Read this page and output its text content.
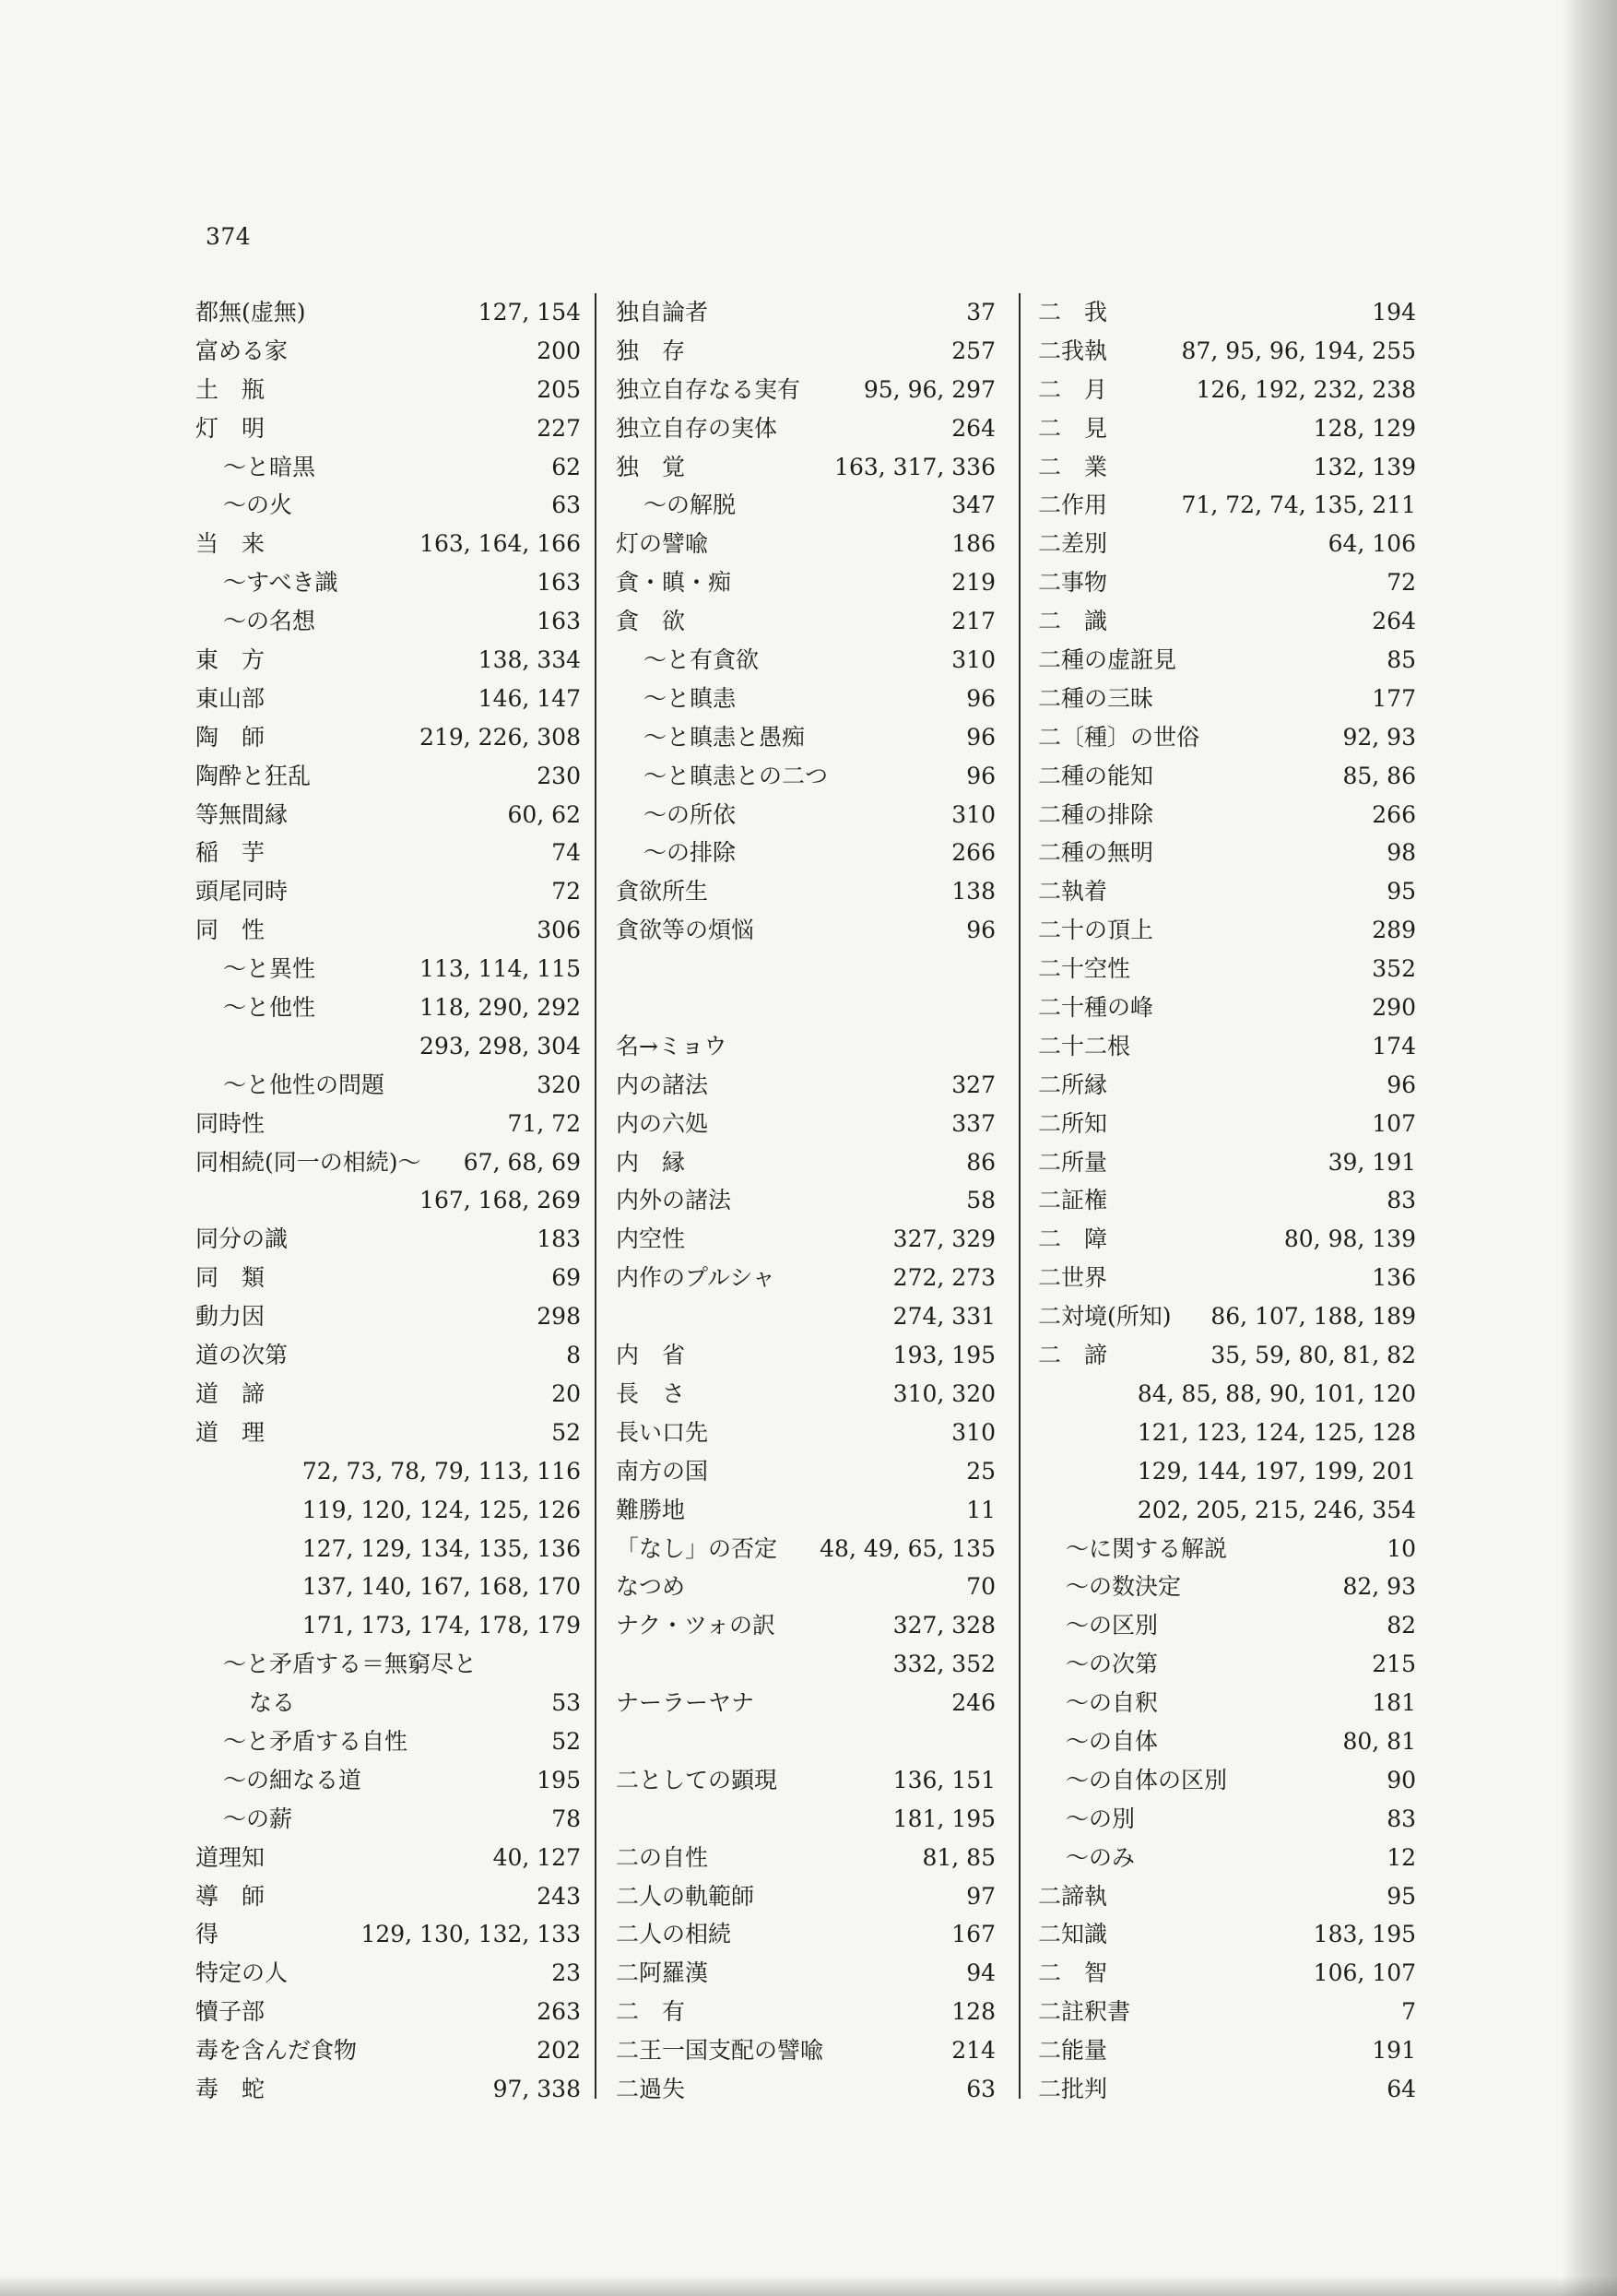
374
都無(虚無)	127, 154
富める家	200
土　瓶	205
灯　明	227
～と暗黒	62
～の火	63
当　来	163, 164, 166
～すべき識	163
～の名想	163
東　方	138, 334
東山部	146, 147
陶　師	219, 226, 308
陶酔と狂乱	230
等無間縁	60, 62
稲　芋	74
頭尾同時	72
同　性	306
～と異性	113, 114, 115
～と他性	118, 290, 292
293, 298, 304
～と他性の問題	320
同時性	71, 72
同相続(同一の相続)～ 67, 68, 69
167, 168, 269
同分の識	183
同　類	69
動力因	298
道の次第	8
道　諦	20
道　理	52
72, 73, 78, 79, 113, 116
119, 120, 124, 125, 126
127, 129, 134, 135, 136
137, 140, 167, 168, 170
171, 173, 174, 178, 179
～と矛盾する＝無窮尽と
なる	53
～と矛盾する自性	52
～の細なる道	195
～の薪	78
道理知	40, 127
導　師	243
得	129, 130, 132, 133
特定の人	23
犢子部	263
毒を含んだ食物	202
毒　蛇	97, 338
独自論者	37
独　存	257
独立自存なる実有	95, 96, 297
独立自存の実体	264
独　覚	163, 317, 336
～の解脱	347
灯の譬喩	186
貪・瞋・痴	219
貪　欲	217
～と有貪欲	310
～と瞋恚	96
～と瞋恚と愚痴	96
～と瞋恚との二つ	96
～の所依	310
～の排除	266
貪欲所生	138
貪欲等の煩悩	96
名→ミョウ
内の諸法	327
内の六処	337
内　縁	86
内外の諸法	58
内空性	327, 329
内作のプルシャ	272, 273
274, 331
内　省	193, 195
長　さ	310, 320
長い口先	310
南方の国	25
難勝地	11
「なし」の否定 48, 49, 65, 135
なつめ	70
ナク・ツォの訳	327, 328
332, 352
ナーラーヤナ	246
二としての顕現	136, 151
181, 195
二の自性	81, 85
二人の軌範師	97
二人の相続	167
二阿羅漢	94
二　有	128
二王一国支配の譬喩	214
二過失	63
二　我	194
二我執	87, 95, 96, 194, 255
二　月	126, 192, 232, 238
二　見	128, 129
二　業	132, 139
二作用	71, 72, 74, 135, 211
二差別	64, 106
二事物	72
二　識	264
二種の虚誑見	85
二種の三昧	177
二〔種〕の世俗	92, 93
二種の能知	85, 86
二種の排除	266
二種の無明	98
二執着	95
二十の頂上	289
二十空性	352
二十種の峰	290
二十二根	174
二所縁	96
二所知	107
二所量	39, 191
二証権	83
二　障	80, 98, 139
二世界	136
二対境(所知) 86, 107, 188, 189
二　諦	35, 59, 80, 81, 82
84, 85, 88, 90, 101, 120
121, 123, 124, 125, 128
129, 144, 197, 199, 201
202, 205, 215, 246, 354
～に関する解説	10
～の数決定	82, 93
～の区別	82
～の次第	215
～の自釈	181
～の自体	80, 81
～の自体の区別	90
～の別	83
～のみ	12
二諦執	95
二知識	183, 195
二　智	106, 107
二註釈書	7
二能量	191
二批判	64
